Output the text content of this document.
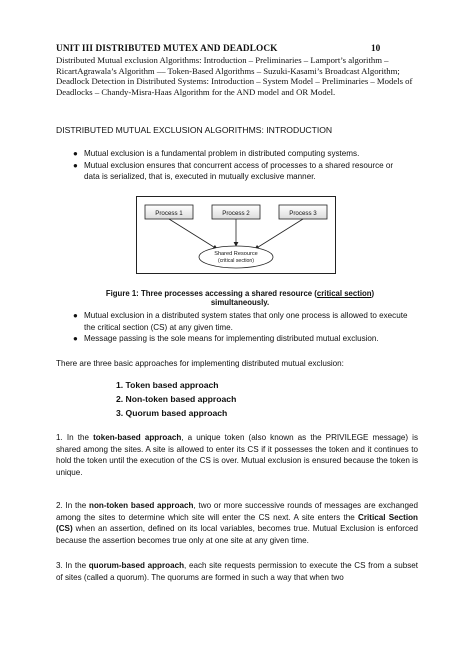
UNIT III DISTRIBUTED MUTEX AND DEADLOCK	10
Distributed Mutual exclusion Algorithms: Introduction – Preliminaries – Lamport’s algorithm – RicartAgrawala’s Algorithm –– Token-Based Algorithms – Suzuki-Kasami’s Broadcast Algorithm; Deadlock Detection in Distributed Systems: Introduction – System Model – Preliminaries – Models of Deadlocks – Chandy-Misra-Haas Algorithm for the AND model and OR Model.
DISTRIBUTED MUTUAL EXCLUSION ALGORITHMS: INTRODUCTION
● Mutual exclusion is a fundamental problem in distributed computing systems.
● Mutual exclusion ensures that concurrent access of processes to a shared resource or data is serialized, that is, executed in mutually exclusive manner.
Process 1	Process 2	Process 3
Shared Resource
(critical section)
Figure 1: Three processes accessing a shared resource (critical section) simultaneously.
● Mutual exclusion in a distributed system states that only one process is allowed to execute the critical section (CS) at any given time.
● Message passing is the sole means for implementing distributed mutual exclusion.
There are three basic approaches for implementing distributed mutual exclusion:
1. Token based approach
2. Non-token based approach
3. Quorum based approach
1. In the token-based approach, a unique token (also known as the PRIVILEGE message) is shared among the sites. A site is allowed to enter its CS if it possesses the token and it continues to hold the token until the execution of the CS is over. Mutual exclusion is ensured because the token is unique.
2. In the non-token based approach, two or more successive rounds of messages are exchanged among the sites to determine which site will enter the CS next. A site enters the Critical Section (CS) when an assertion, defined on its local variables, becomes true. Mutual Exclusion is enforced because the assertion becomes true only at one site at any given time.
3. In the quorum-based approach, each site requests permission to execute the CS from a subset of sites (called a quorum). The quorums are formed in such a way that when two
